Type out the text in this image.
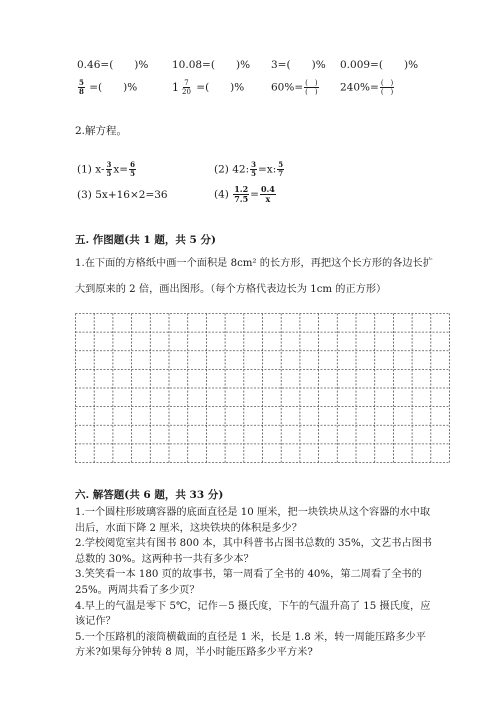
0.46=(　　)% 10.08=(　　)% 3=(　　)% 0.009=(　　)%
$\frac{5}{8}$ =(　　)%	$1 \frac{7}{20}$ =(　　)%	$60\%= \frac{( )}{( )} 240\%= \frac{( )}{( )}$
2.解方程。
(1) $x- \frac{3}{5} x= \frac{6}{5}$	(2) 42: $\frac{3}{5} =x$: $\frac{5}{7}$
(3) 5x+16×2=36	$(4) \frac{1.2}{7.5} = \frac{0.4}{x}$
五. 作图题(共 1 题，共 5 分)
1.在下面的方格纸中画一个面积是 8cm² 的长方形，再把这个长方形的各边长扩
大到原来的 2 倍，画出图形。（每个方格代表边长为 1cm 的正方形）
六. 解答题(共 6 题，共 33 分)
1.一个圆柱形玻璃容器的底面直径是 10 厘米，把一块铁块从这个容器的水中取
出后，水面下降 2 厘米，这块铁块的体积是多少？
2.学校阅览室共有图书 800 本，其中科普书占图书总数的 35%，文艺书占图书
总数的 30%。这两种书一共有多少本？
3.笑笑看一本 180 页的故事书，第一周看了全书的 40%，第二周看了全书的
25%。两周共看了多少页？
4.早上的气温是零下 5℃，记作－5 摄氏度，下午的气温升高了 15 摄氏度，应
该记作？
5.一个压路机的滚筒横截面的直径是 1 米，长是 1.8 米，转一周能压路多少平
方米?如果每分钟转 8 周，半小时能压路多少平方米?
